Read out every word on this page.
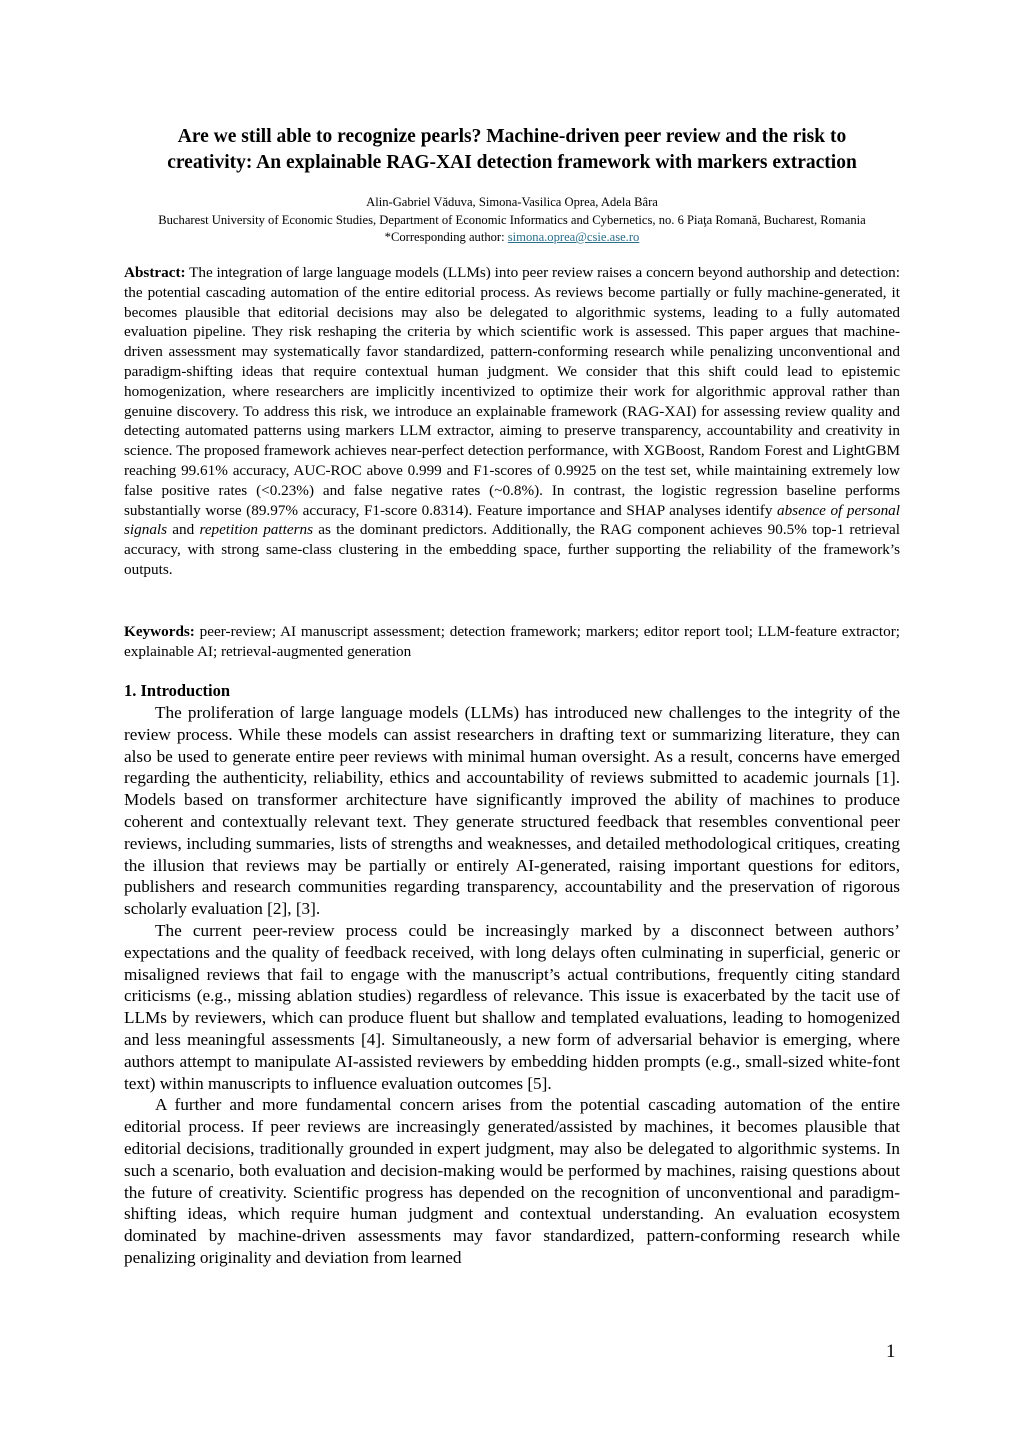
Are we still able to recognize pearls? Machine-driven peer review and the risk to
creativity: An explainable RAG-XAI detection framework with markers extraction
Alin-Gabriel Văduva, Simona-Vasilica Oprea, Adela Bâra
Bucharest University of Economic Studies, Department of Economic Informatics and Cybernetics, no. 6 Piaţa Romană, Bucharest, Romania
*Corresponding author: simona.oprea@csie.ase.ro
Abstract: The integration of large language models (LLMs) into peer review raises a concern beyond authorship and detection: the potential cascading automation of the entire editorial process. As reviews become partially or fully machine-generated, it becomes plausible that editorial decisions may also be delegated to algorithmic systems, leading to a fully automated evaluation pipeline. They risk reshaping the criteria by which scientific work is assessed. This paper argues that machine-driven assessment may systematically favor standardized, pattern-conforming research while penalizing unconventional and paradigm-shifting ideas that require contextual human judgment. We consider that this shift could lead to epistemic homogenization, where researchers are implicitly incentivized to optimize their work for algorithmic approval rather than genuine discovery. To address this risk, we introduce an explainable framework (RAG-XAI) for assessing review quality and detecting automated patterns using markers LLM extractor, aiming to preserve transparency, accountability and creativity in science. The proposed framework achieves near-perfect detection performance, with XGBoost, Random Forest and LightGBM reaching 99.61% accuracy, AUC-ROC above 0.999 and F1-scores of 0.9925 on the test set, while maintaining extremely low false positive rates (<0.23%) and false negative rates (~0.8%). In contrast, the logistic regression baseline performs substantially worse (89.97% accuracy, F1-score 0.8314). Feature importance and SHAP analyses identify absence of personal signals and repetition patterns as the dominant predictors. Additionally, the RAG component achieves 90.5% top-1 retrieval accuracy, with strong same-class clustering in the embedding space, further supporting the reliability of the framework’s outputs.
Keywords: peer-review; AI manuscript assessment; detection framework; markers; editor report tool; LLM-feature extractor; explainable AI; retrieval-augmented generation
1. Introduction

The proliferation of large language models (LLMs) has introduced new challenges to the integrity of the review process. While these models can assist researchers in drafting text or summarizing literature, they can also be used to generate entire peer reviews with minimal human oversight. As a result, concerns have emerged regarding the authenticity, reliability, ethics and accountability of reviews submitted to academic journals [1]. Models based on transformer architecture have significantly improved the ability of machines to produce coherent and contextually relevant text. They generate structured feedback that resembles conventional peer reviews, including summaries, lists of strengths and weaknesses, and detailed methodological critiques, creating the illusion that reviews may be partially or entirely AI-generated, raising important questions for editors, publishers and research communities regarding transparency, accountability and the preservation of rigorous scholarly evaluation [2], [3].

The current peer-review process could be increasingly marked by a disconnect between authors’ expectations and the quality of feedback received, with long delays often culminating in superficial, generic or misaligned reviews that fail to engage with the manuscript’s actual contributions, frequently citing standard criticisms (e.g., missing ablation studies) regardless of relevance. This issue is exacerbated by the tacit use of LLMs by reviewers, which can produce fluent but shallow and templated evaluations, leading to homogenized and less meaningful assessments [4]. Simultaneously, a new form of adversarial behavior is emerging, where authors attempt to manipulate AI-assisted reviewers by embedding hidden prompts (e.g., small-sized white-font text) within manuscripts to influence evaluation outcomes [5].

A further and more fundamental concern arises from the potential cascading automation of the entire editorial process. If peer reviews are increasingly generated/assisted by machines, it becomes plausible that editorial decisions, traditionally grounded in expert judgment, may also be delegated to algorithmic systems. In such a scenario, both evaluation and decision-making would be performed by machines, raising questions about the future of creativity. Scientific progress has depended on the recognition of unconventional and paradigm-shifting ideas, which require human judgment and contextual understanding. An evaluation ecosystem dominated by machine-driven assessments may favor standardized, pattern-conforming research while penalizing originality and deviation from learned

1
